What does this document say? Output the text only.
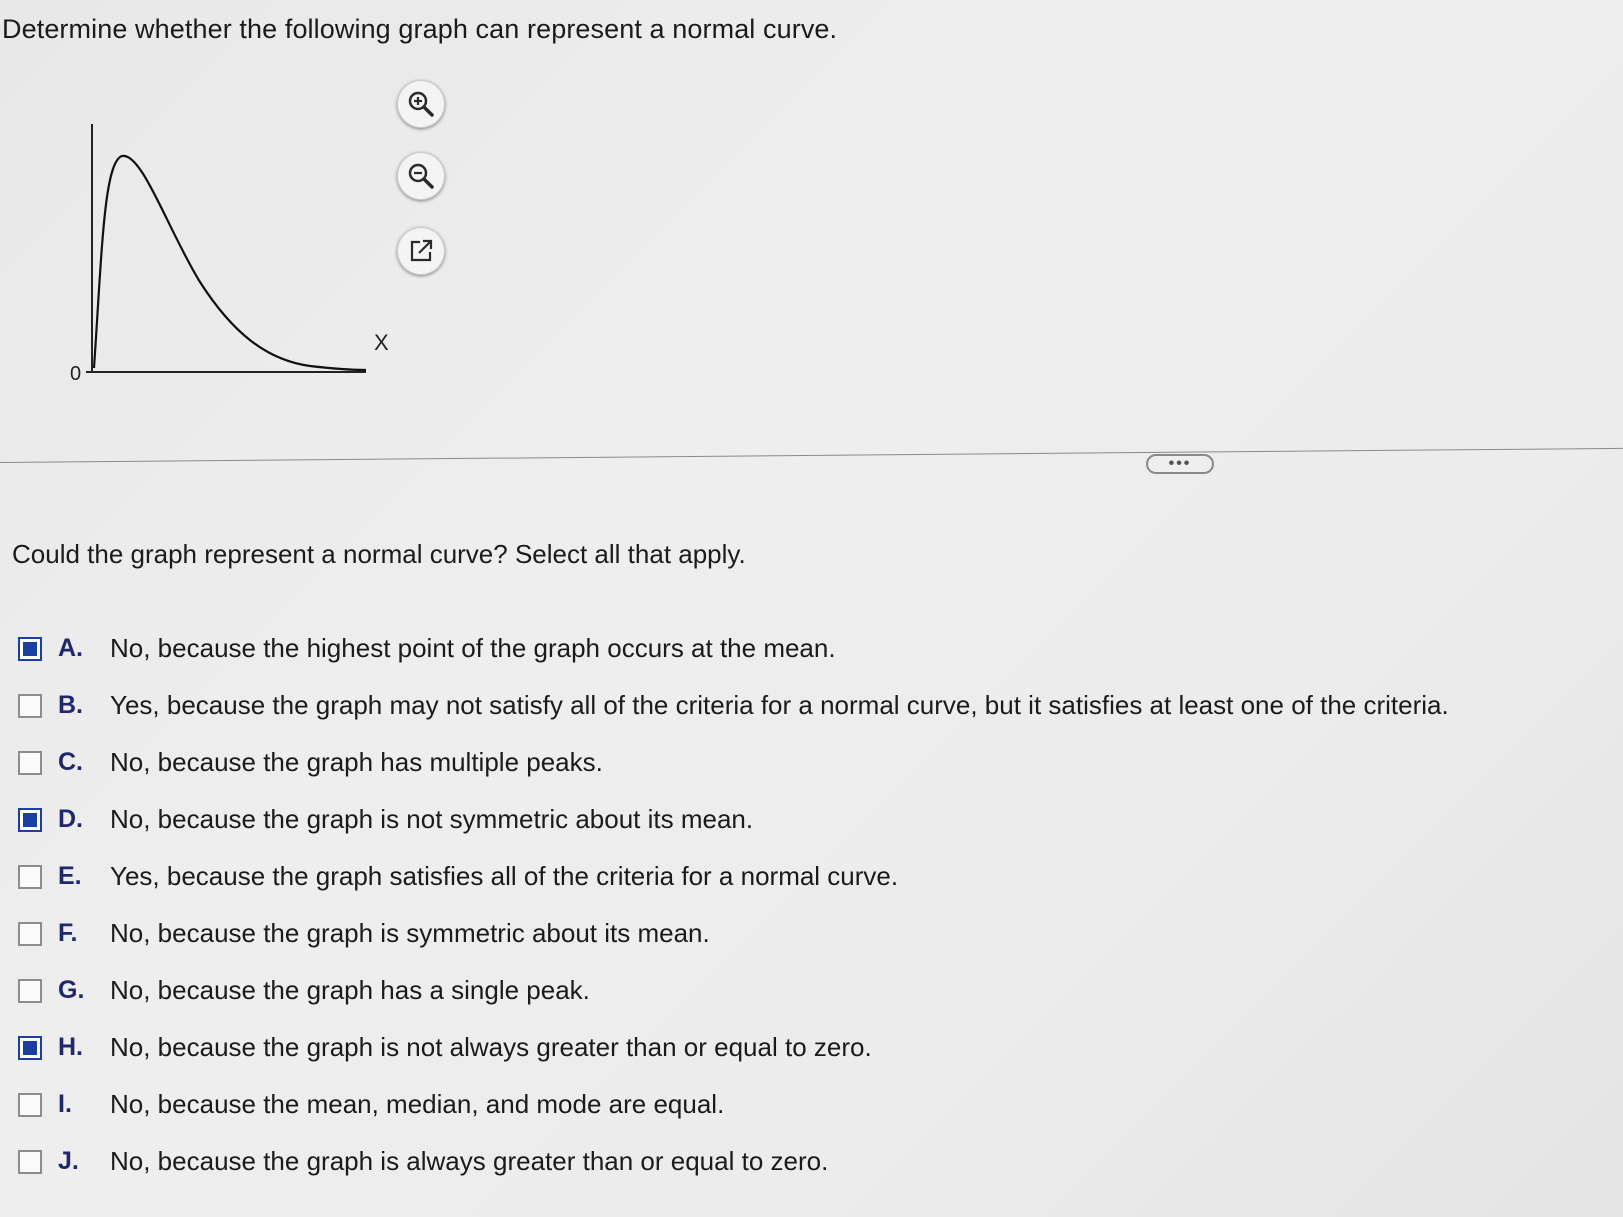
Determine whether the following graph can represent a normal curve.
0
X
•••
Could the graph represent a normal curve? Select all that apply.
A.	No, because the highest point of the graph occurs at the mean.
B.	Yes, because the graph may not satisfy all of the criteria for a normal curve, but it satisfies at least one of the criteria.
C.	No, because the graph has multiple peaks.
D.	No, because the graph is not symmetric about its mean.
E.	Yes, because the graph satisfies all of the criteria for a normal curve.
F.	No, because the graph is symmetric about its mean.
G. No, because the graph has a single peak.
H.	No, because the graph is not always greater than or equal to zero.
I.	No, because the mean, median, and mode are equal.
J.	No, because the graph is always greater than or equal to zero.
